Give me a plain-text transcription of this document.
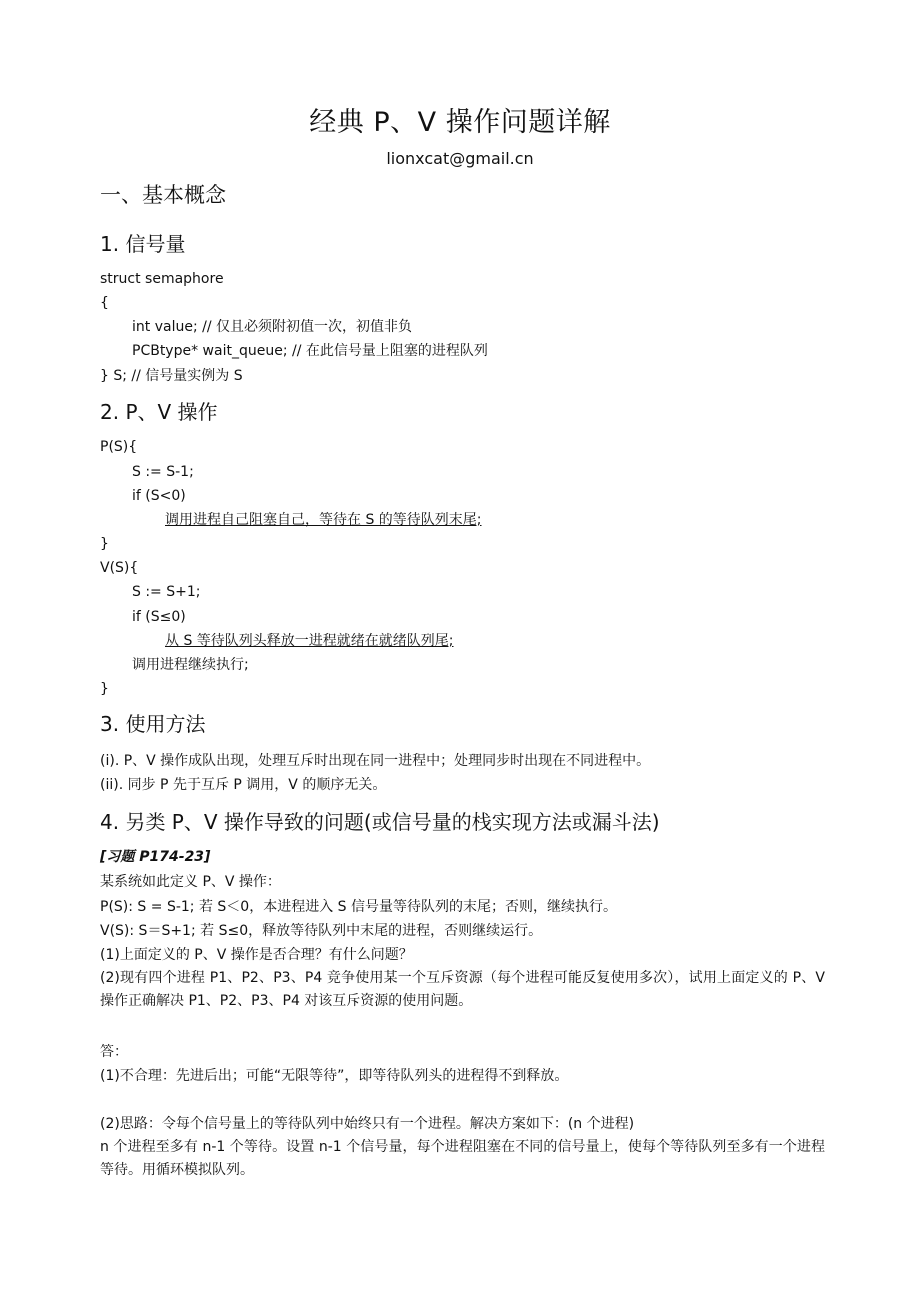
经典 P、V 操作问题详解
lionxcat@gmail.cn
一、基本概念
1. 信号量
struct semaphore
{
int value; // 仅且必须附初值一次，初值非负
PCBtype* wait_queue; // 在此信号量上阻塞的进程队列
} S; // 信号量实例为 S
2. P、V 操作
P(S){
S := S-1;
if (S<0)
调用进程自己阻塞自己，等待在 S 的等待队列末尾;
}
V(S){
S := S+1;
if (S≤0)
从 S 等待队列头释放一进程就绪在就绪队列尾;
调用进程继续执行;
}
3. 使用方法
(i). P、V 操作成队出现，处理互斥时出现在同一进程中；处理同步时出现在不同进程中。
(ii). 同步 P 先于互斥 P 调用，V 的顺序无关。
4. 另类 P、V 操作导致的问题(或信号量的栈实现方法或漏斗法)
[习题 P174-23]
某系统如此定义 P、V 操作：
P(S): S = S-1; 若 S＜0，本进程进入 S 信号量等待队列的末尾；否则，继续执行。
V(S): S＝S+1; 若 S≤0，释放等待队列中末尾的进程，否则继续运行。
(1)上面定义的 P、V 操作是否合理？有什么问题？
(2)现有四个进程 P1、P2、P3、P4 竞争使用某一个互斥资源（每个进程可能反复使用多次），试用上面定义的 P、V 操作正确解决 P1、P2、P3、P4 对该互斥资源的使用问题。
答：
(1)不合理：先进后出；可能“无限等待”，即等待队列头的进程得不到释放。
(2)思路：令每个信号量上的等待队列中始终只有一个进程。解决方案如下：(n 个进程)
n 个进程至多有 n-1 个等待。设置 n-1 个信号量，每个进程阻塞在不同的信号量上，使每个等待队列至多有一个进程等待。用循环模拟队列。
